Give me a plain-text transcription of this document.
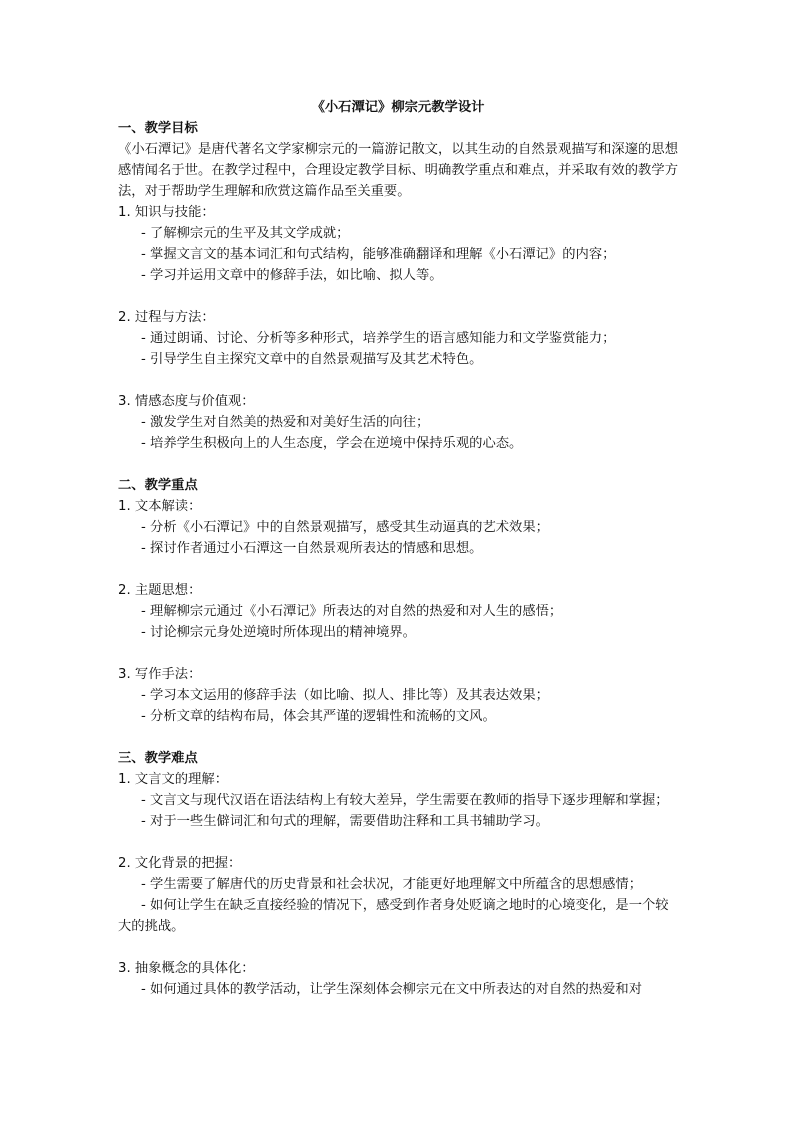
《小石潭记》柳宗元教学设计

一、教学目标

《小石潭记》是唐代著名文学家柳宗元的一篇游记散文，以其生动的自然景观描写和深邃的思想感情闻名于世。在教学过程中，合理设定教学目标、明确教学重点和难点，并采取有效的教学方法，对于帮助学生理解和欣赏这篇作品至关重要。

1. 知识与技能：

- 了解柳宗元的生平及其文学成就；

- 掌握文言文的基本词汇和句式结构，能够准确翻译和理解《小石潭记》的内容；

- 学习并运用文章中的修辞手法，如比喻、拟人等。

2. 过程与方法：

- 通过朗诵、讨论、分析等多种形式，培养学生的语言感知能力和文学鉴赏能力；

- 引导学生自主探究文章中的自然景观描写及其艺术特色。

3. 情感态度与价值观：

- 激发学生对自然美的热爱和对美好生活的向往；

- 培养学生积极向上的人生态度，学会在逆境中保持乐观的心态。

二、教学重点

1. 文本解读：

- 分析《小石潭记》中的自然景观描写，感受其生动逼真的艺术效果；

- 探讨作者通过小石潭这一自然景观所表达的情感和思想。

2. 主题思想：

- 理解柳宗元通过《小石潭记》所表达的对自然的热爱和对人生的感悟；

- 讨论柳宗元身处逆境时所体现出的精神境界。

3. 写作手法：

- 学习本文运用的修辞手法（如比喻、拟人、排比等）及其表达效果；

- 分析文章的结构布局，体会其严谨的逻辑性和流畅的文风。

三、教学难点

1. 文言文的理解：

- 文言文与现代汉语在语法结构上有较大差异，学生需要在教师的指导下逐步理解和掌握；

- 对于一些生僻词汇和句式的理解，需要借助注释和工具书辅助学习。

2. 文化背景的把握：

- 学生需要了解唐代的历史背景和社会状况，才能更好地理解文中所蕴含的思想感情；

- 如何让学生在缺乏直接经验的情况下，感受到作者身处贬谪之地时的心境变化，是一个较大的挑战。

3. 抽象概念的具体化：

- 如何通过具体的教学活动，让学生深刻体会柳宗元在文中所表达的对自然的热爱和对
